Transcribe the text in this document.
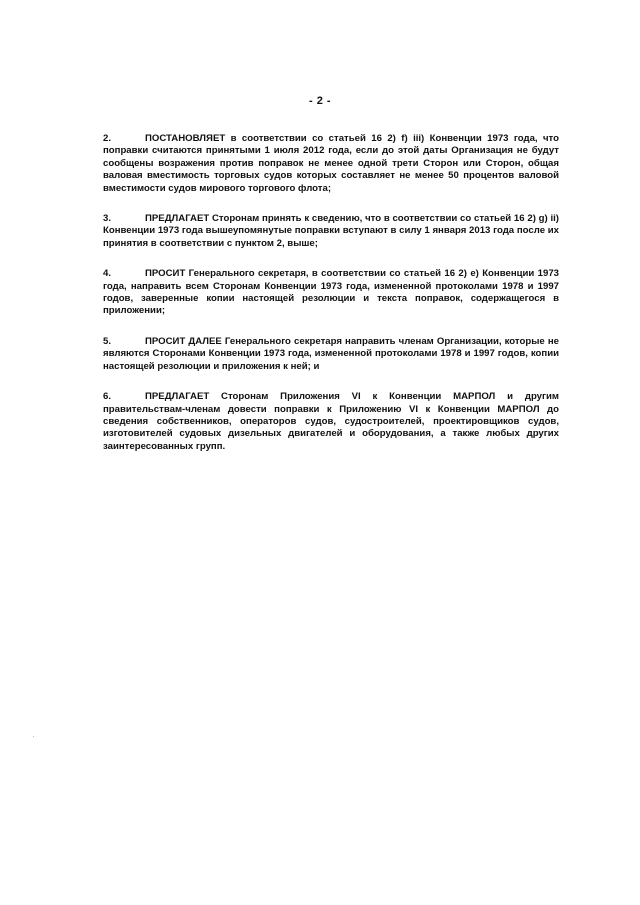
- 2 -

2.	ПОСТАНОВЛЯЕТ в соответствии со статьей 16 2) f) iii) Конвенции 1973 года, что поправки считаются принятыми 1 июля 2012 года, если до этой даты Организация не будут сообщены возражения против поправок не менее одной трети Сторон или Сторон, общая валовая вместимость торговых судов которых составляет не менее 50 процентов валовой вместимости судов мирового торгового флота;

3.	ПРЕДЛАГАЕТ Сторонам принять к сведению, что в соответствии со статьей 16 2) g) ii) Конвенции 1973 года вышеупомянутые поправки вступают в силу 1 января 2013 года после их принятия в соответствии с пунктом 2, выше;

4.	ПРОСИТ Генерального секретаря, в соответствии со статьей 16 2) e) Конвенции 1973 года, направить всем Сторонам Конвенции 1973 года, измененной протоколами 1978 и 1997 годов, заверенные копии настоящей резолюции и текста поправок, содержащегося в приложении;

5.	ПРОСИТ ДАЛЕЕ Генерального секретаря направить членам Организации, которые не являются Сторонами Конвенции 1973 года, измененной протоколами 1978 и 1997 годов, копии настоящей резолюции и приложения к ней; и

6.	ПРЕДЛАГАЕТ Сторонам Приложения VI к Конвенции МАРПОЛ и другим правительствам-членам довести поправки к Приложению VI к Конвенции МАРПОЛ до сведения собственников, операторов судов, судостроителей, проектировщиков судов, изготовителей судовых дизельных двигателей и оборудования, а также любых других заинтересованных групп.
